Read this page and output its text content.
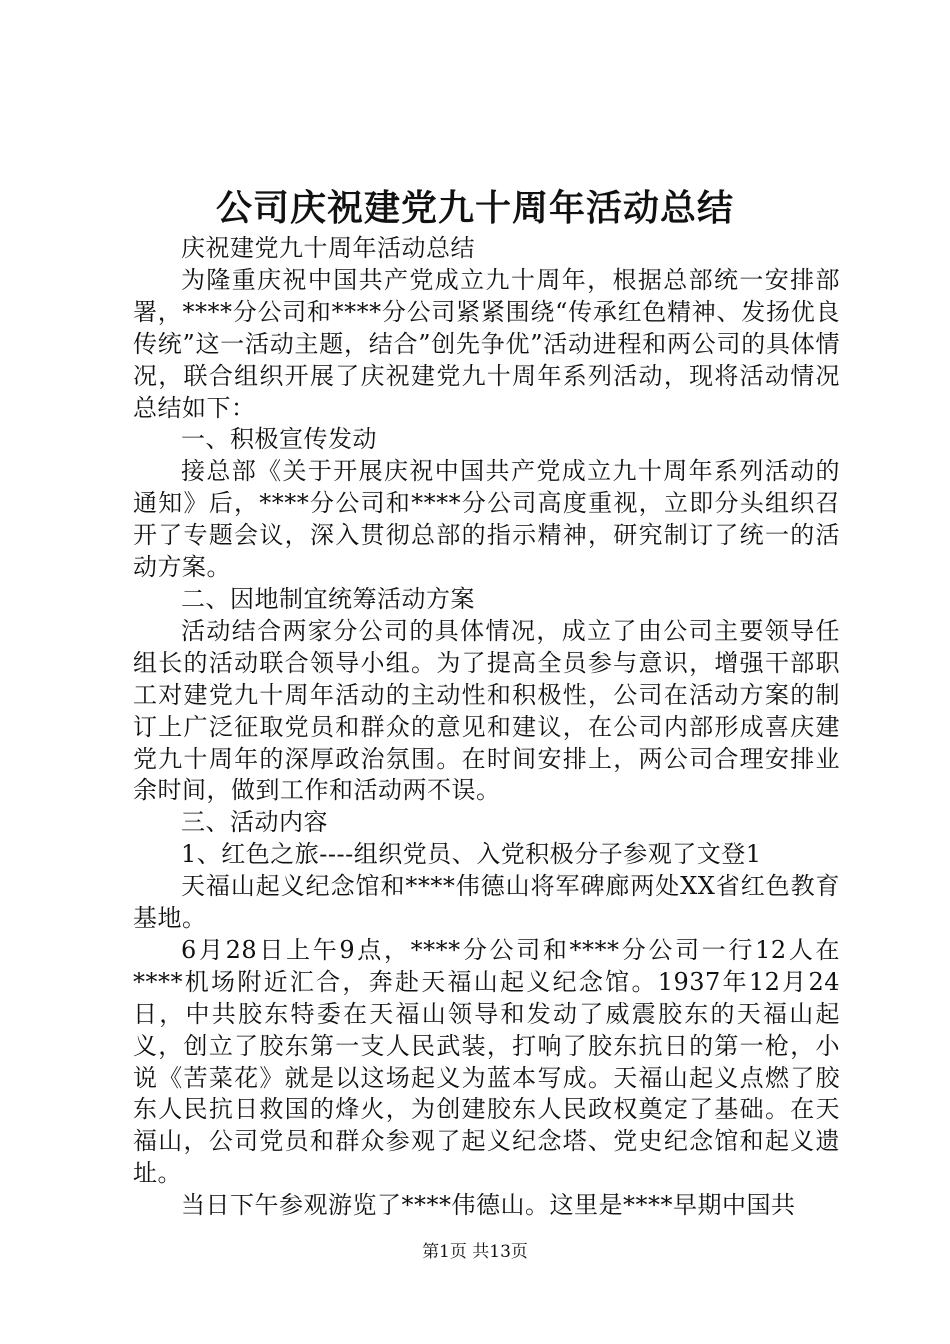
公司庆祝建党九十周年活动总结

庆祝建党九十周年活动总结

为隆重庆祝中国共产党成立九十周年，根据总部统一安排部署，****分公司和****分公司紧紧围绕“传承红色精神、发扬优良传统”这一活动主题，结合”创先争优”活动进程和两公司的具体情况，联合组织开展了庆祝建党九十周年系列活动，现将活动情况总结如下：

一、积极宣传发动

接总部《关于开展庆祝中国共产党成立九十周年系列活动的通知》后，****分公司和****分公司高度重视，立即分头组织召开了专题会议，深入贯彻总部的指示精神，研究制订了统一的活动方案。

二、因地制宜统筹活动方案

活动结合两家分公司的具体情况，成立了由公司主要领导任组长的活动联合领导小组。为了提高全员参与意识，增强干部职工对建党九十周年活动的主动性和积极性，公司在活动方案的制订上广泛征取党员和群众的意见和建议，在公司内部形成喜庆建党九十周年的深厚政治氛围。在时间安排上，两公司合理安排业余时间，做到工作和活动两不误。

三、活动内容

1、红色之旅----组织党员、入党积极分子参观了文登1

天福山起义纪念馆和****伟德山将军碑廊两处XX省红色教育基地。

6月28日上午9点，****分公司和****分公司一行12人在****机场附近汇合，奔赴天福山起义纪念馆。1937年12月24日，中共胶东特委在天福山领导和发动了威震胶东的天福山起义，创立了胶东第一支人民武装，打响了胶东抗日的第一枪，小说《苦菜花》就是以这场起义为蓝本写成。天福山起义点燃了胶东人民抗日救国的烽火，为创建胶东人民政权奠定了基础。在天福山，公司党员和群众参观了起义纪念塔、党史纪念馆和起义遗址。

当日下午参观游览了****伟德山。这里是****早期中国共

第1页 共13页
